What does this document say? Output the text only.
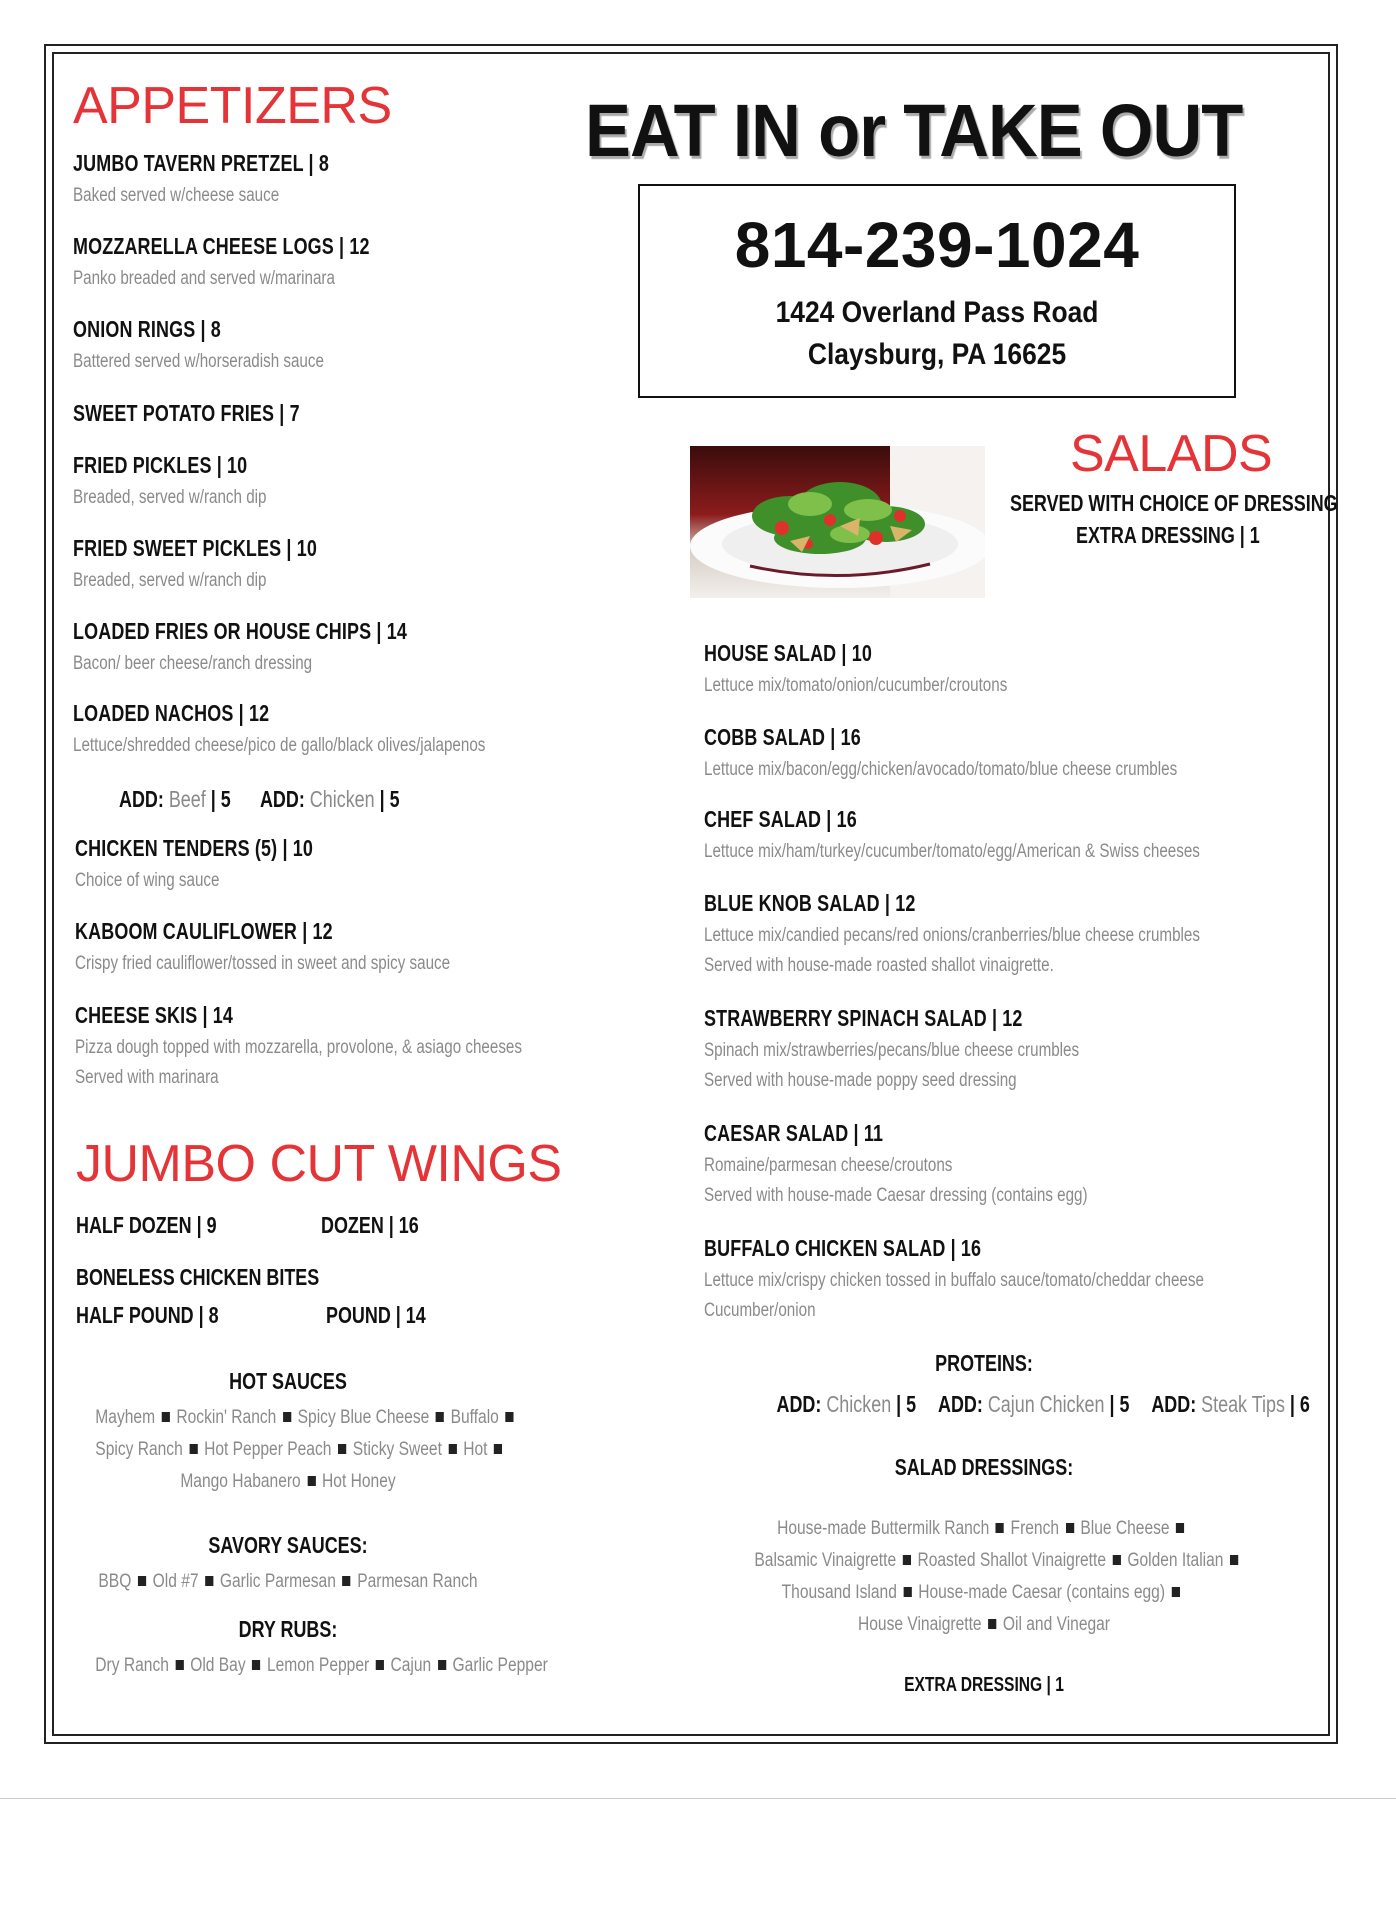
APPETIZERS
JUMBO TAVERN PRETZEL | 8
Baked served w/cheese sauce
MOZZARELLA CHEESE LOGS | 12
Panko breaded and served w/marinara
ONION RINGS | 8
Battered served w/horseradish sauce
SWEET POTATO FRIES | 7
FRIED PICKLES | 10
Breaded, served w/ranch dip
FRIED SWEET PICKLES | 10
Breaded, served w/ranch dip
LOADED FRIES OR HOUSE CHIPS | 14
Bacon/ beer cheese/ranch dressing
LOADED NACHOS | 12
Lettuce/shredded cheese/pico de gallo/black olives/jalapenos
CHICKEN TENDERS (5) | 10
Choice of wing sauce
KABOOM CAULIFLOWER | 12
Crispy fried cauliflower/tossed in sweet and spicy sauce
CHEESE SKIS | 14
Pizza dough topped with mozzarella, provolone, & asiago cheeses
Served with marinara
ADD: Beef | 5 ADD: Chicken | 5
JUMBO CUT WINGS
HALF DOZEN | 9	DOZEN | 16
BONELESS CHICKEN BITES
HALF POUND | 8	POUND | 14
HOT SAUCES
Mayhem Rockin' Ranch Spicy Blue Cheese Buffalo
Spicy Ranch Hot Pepper Peach Sticky Sweet Hot
Mango Habanero Hot Honey
SAVORY SAUCES:
BBQ Old #7 Garlic Parmesan Parmesan Ranch
DRY RUBS:
Dry Ranch Old Bay Lemon Pepper Cajun Garlic Pepper
EAT IN or TAKE OUT
814-239-1024
1424 Overland Pass Road
Claysburg, PA 16625
SALADS
SERVED WITH CHOICE OF DRESSING
EXTRA DRESSING | 1
HOUSE SALAD | 10
Lettuce mix/tomato/onion/cucumber/croutons
COBB SALAD | 16
Lettuce mix/bacon/egg/chicken/avocado/tomato/blue cheese crumbles
CHEF SALAD | 16
Lettuce mix/ham/turkey/cucumber/tomato/egg/American & Swiss cheeses
BLUE KNOB SALAD | 12
Lettuce mix/candied pecans/red onions/cranberries/blue cheese crumbles
Served with house-made roasted shallot vinaigrette.
STRAWBERRY SPINACH SALAD | 12
Spinach mix/strawberries/pecans/blue cheese crumbles
Served with house-made poppy seed dressing
CAESAR SALAD | 11
Romaine/parmesan cheese/croutons
Served with house-made Caesar dressing (contains egg)
BUFFALO CHICKEN SALAD | 16
Lettuce mix/crispy chicken tossed in buffalo sauce/tomato/cheddar cheese
Cucumber/onion
PROTEINS:
ADD: Chicken | 5 ADD: Cajun Chicken | 5 ADD: Steak Tips | 6
SALAD DRESSINGS:
House-made Buttermilk Ranch French Blue Cheese
Balsamic Vinaigrette Roasted Shallot Vinaigrette Golden Italian
Thousand Island House-made Caesar (contains egg)
House Vinaigrette Oil and Vinegar
EXTRA DRESSING | 1
